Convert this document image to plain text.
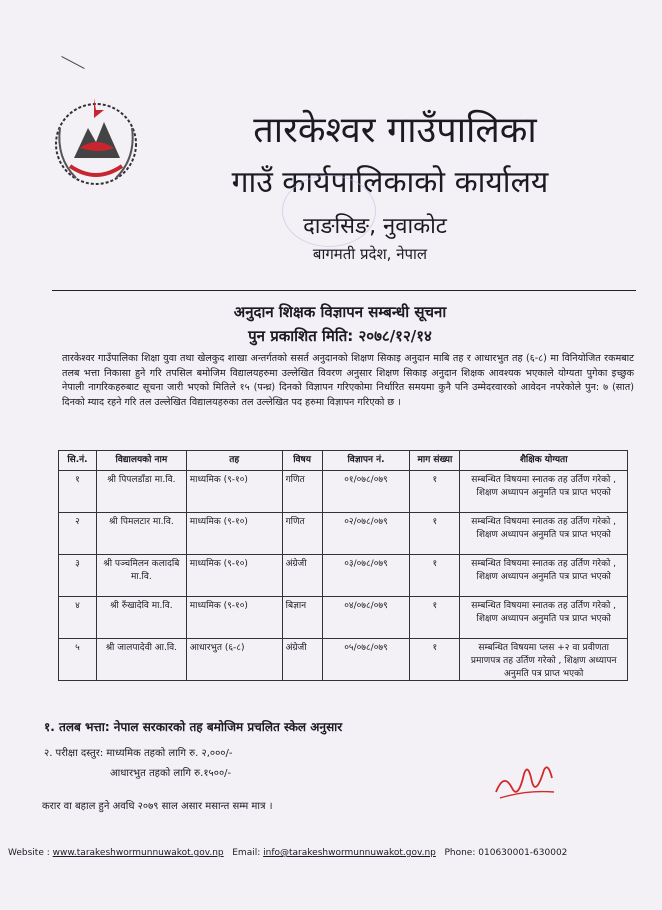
तारकेश्वर गाउँपालिका
गाउँ कार्यपालिकाको कार्यालय
दाङसिङ, नुवाकोट
बागमती प्रदेश, नेपाल
अनुदान शिक्षक विज्ञापन सम्बन्धी सूचना
पुन प्रकाशित मिति: २०७८/१२/१४
तारकेश्वर गाउँपालिका शिक्षा युवा तथा खेलकुद शाखा अन्तर्गतको ससर्त अनुदानको शिक्षण सिकाइ अनुदान माबि तह र आधारभुत तह (६-८) मा विनियोजित रकमबाट तलब भत्ता निकासा हुने गरि तपसिल बमोजिम विद्यालयहरुमा उल्लेखित विवरण अनुसार शिक्षण सिकाइ अनुदान शिक्षक आवश्यक भएकाले योग्यता पुगेका इच्छुक नेपाली नागरिकहरुबाट सूचना जारी भएको मितिले १५ (पन्ध्र) दिनको विज्ञापन गरिएकोमा निर्धारित समयमा कुनै पनि उम्मेदरवारको आवेदन नपरेकोले पुन: ७ (सात) दिनको म्याद रहने गरि तल उल्लेखित विद्यालयहरुका तल उल्लेखित पद हरुमा विज्ञापन गरिएको छ ।
सि.नं.	विद्यालयको नाम	तह	विषय	विज्ञापन नं.	माग संख्या	शैक्षिक योग्यता
१	श्री पिपलडाँडा मा.वि.	माध्यमिक (९-१०)	गणित	०१/०७८/०७९	१	सम्बन्धित विषयमा स्नातक तह उर्तिण गरेको , शिक्षण अध्यापन अनुमति पत्र प्राप्त भएको
२	श्री पिमलटार मा.वि.	माध्यमिक (९-१०)	गणित	०२/०७८/०७९	१	सम्बन्धित विषयमा स्नातक तह उर्तिण गरेको , शिक्षण अध्यापन अनुमति पत्र प्राप्त भएको
३	श्री पञ्चमिलन कलादबि मा.वि.	माध्यमिक (९-१०)	अंग्रेजी	०३/०७८/०७९	१	सम्बन्धित विषयमा स्नातक तह उर्तिण गरेको , शिक्षण अध्यापन अनुमति पत्र प्राप्त भएको
४	श्री रुँखादेवि मा.वि.	माध्यमिक (९-१०)	बिज्ञान	०४/०७८/०७९	१	सम्बन्धित विषयमा स्नातक तह उर्तिण गरेको , शिक्षण अध्यापन अनुमति पत्र प्राप्त भएको
५	श्री जालपादेवी आ.वि.	आधारभुत (६-८)	अंग्रेजी	०५/०७८/०७९	१	सम्बन्धित विषयमा प्लस +२ वा प्रवीणता प्रमाणपत्र तह उर्तिण गरेको , शिक्षण अध्यापन अनुमति पत्र प्राप्त भएको
१. तलब भत्ता: नेपाल सरकारको तह बमोजिम प्रचलित स्केल अनुसार
२. परीक्षा दस्तुर: माध्यमिक तहको लागि रु. २,०००/-
आधारभुत तहको लागि रु.१५००/-
करार वा बहाल हुने अवधि २०७९ साल असार मसान्त सम्म मात्र ।
Website : www.tarakeshwormunnuwakot.gov.np Email: info@tarakeshwormunnuwakot.gov.np Phone: 010630001-630002
